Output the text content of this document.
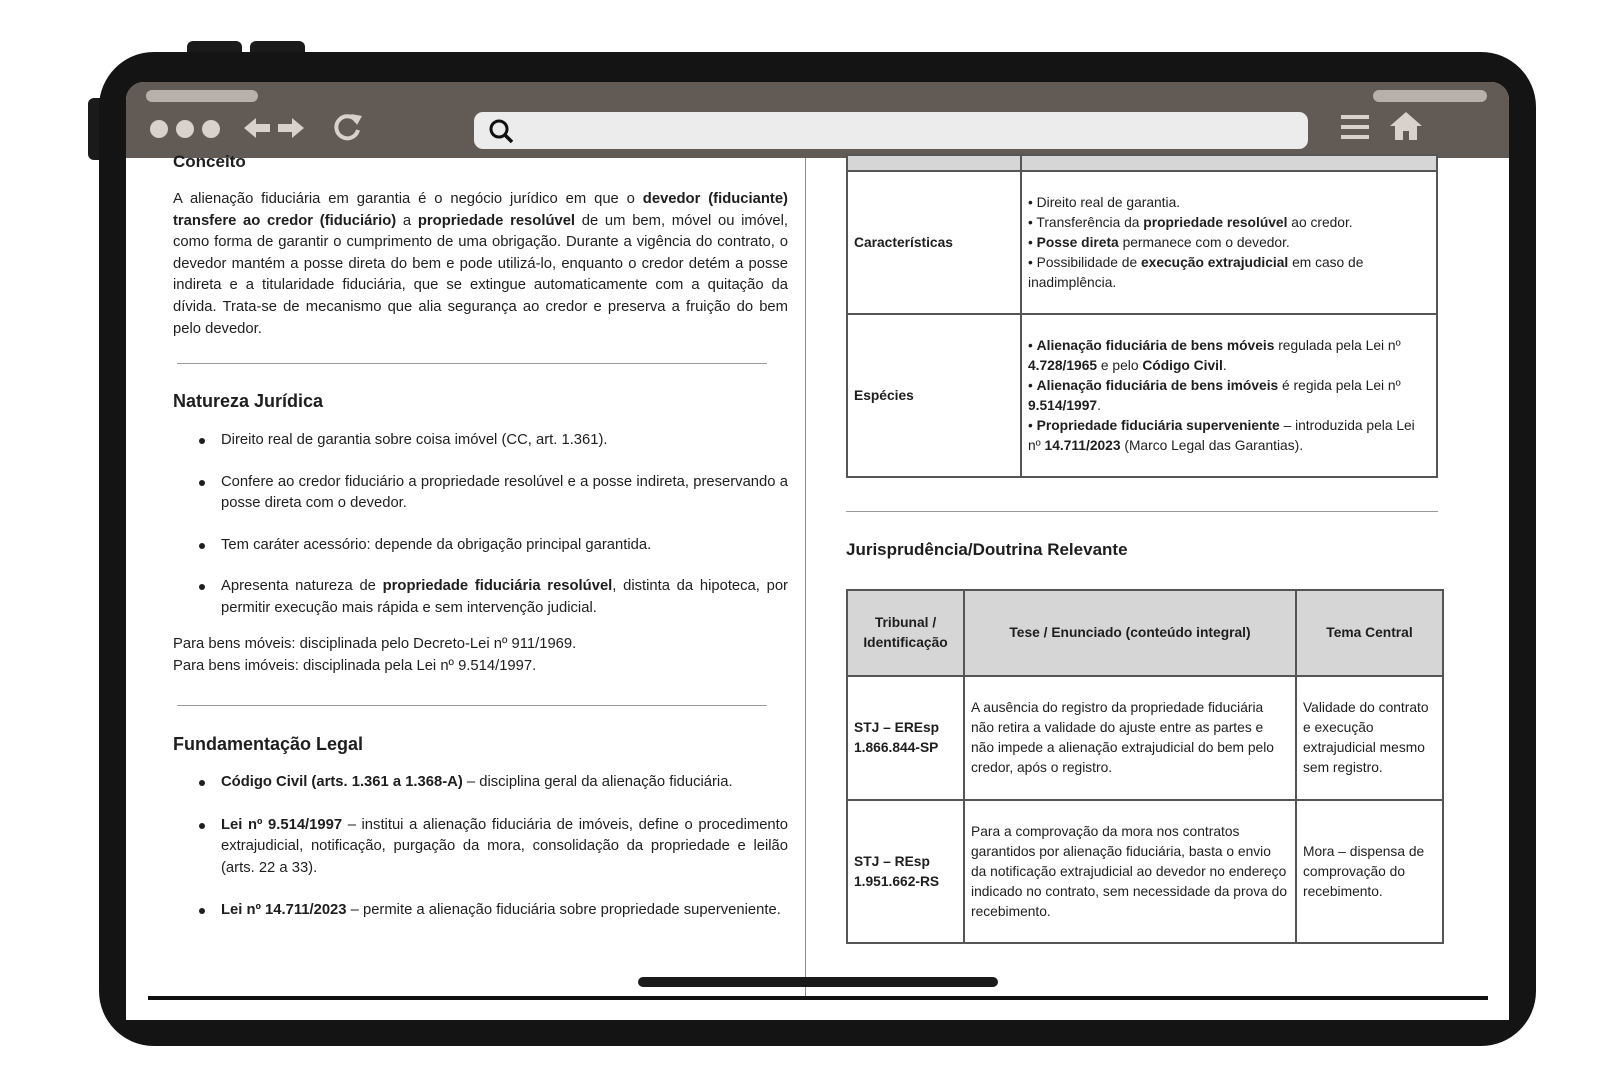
Conceito
A alienação fiduciária em garantia é o negócio jurídico em que o devedor (fiduciante) transfere ao credor (fiduciário) a propriedade resolúvel de um bem, móvel ou imóvel, como forma de garantir o cumprimento de uma obrigação. Durante a vigência do contrato, o devedor mantém a posse direta do bem e pode utilizá-lo, enquanto o credor detém a posse indireta e a titularidade fiduciária, que se extingue automaticamente com a quitação da dívida. Trata-se de mecanismo que alia segurança ao credor e preserva a fruição do bem pelo devedor.
Natureza Jurídica
Direito real de garantia sobre coisa imóvel (CC, art. 1.361).
Confere ao credor fiduciário a propriedade resolúvel e a posse indireta, preservando a posse direta com o devedor.
Tem caráter acessório: depende da obrigação principal garantida.
Apresenta natureza de propriedade fiduciária resolúvel, distinta da hipoteca, por permitir execução mais rápida e sem intervenção judicial.
Para bens móveis: disciplinada pelo Decreto-Lei nº 911/1969.
Para bens imóveis: disciplinada pela Lei nº 9.514/1997.
Fundamentação Legal
Código Civil (arts. 1.361 a 1.368-A) – disciplina geral da alienação fiduciária.
Lei nº 9.514/1997 – institui a alienação fiduciária de imóveis, define o procedimento extrajudicial, notificação, purgação da mora, consolidação da propriedade e leilão (arts. 22 a 33).
Lei nº 14.711/2023 – permite a alienação fiduciária sobre propriedade superveniente.

Características	• Direito real de garantia.
• Transferência da propriedade resolúvel ao credor.
• Posse direta permanece com o devedor.
• Possibilidade de execução extrajudicial em caso de inadimplência.

Espécies	• Alienação fiduciária de bens móveis regulada pela Lei nº 4.728/1965 e pelo Código Civil.
• Alienação fiduciária de bens imóveis é regida pela Lei nº 9.514/1997.
• Propriedade fiduciária superveniente – introduzida pela Lei nº 14.711/2023 (Marco Legal das Garantias).
Jurisprudência/Doutrina Relevante
Tribunal / Identificação	Tese / Enunciado (conteúdo integral)	Tema Central
STJ – EREsp 1.866.844-SP	A ausência do registro da propriedade fiduciária não retira a validade do ajuste entre as partes e não impede a alienação extrajudicial do bem pelo credor, após o registro.	Validade do contrato e execução extrajudicial mesmo sem registro.
STJ – REsp 1.951.662-RS	Para a comprovação da mora nos contratos garantidos por alienação fiduciária, basta o envio da notificação extrajudicial ao devedor no endereço indicado no contrato, sem necessidade da prova do recebimento.	Mora – dispensa de comprovação do recebimento.
